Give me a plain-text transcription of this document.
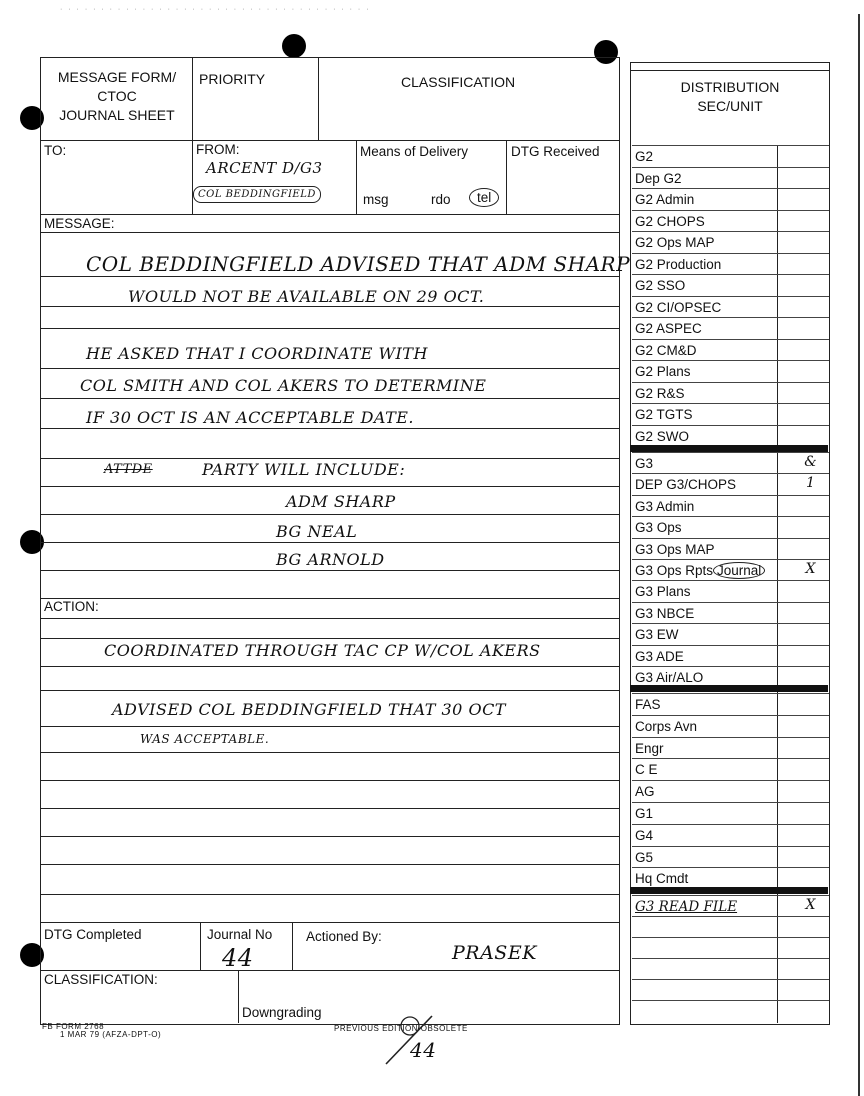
· · · · · · · · · · · · · · · · · · · · · · · · · · · · · · · · · · · · · ·
MESSAGE FORM/
CTOC
JOURNAL SHEET
PRIORITY	CLASSIFICATION
TO:	FROM:
ARCENT D/G3
COL BEDDINGFIELD
Means of Delivery
msg	rdo	tel
DTG Received
MESSAGE:
COL BEDDINGFIELD ADVISED THAT ADM SHARP
WOULD NOT BE AVAILABLE ON 29 OCT.
HE ASKED THAT I COORDINATE WITH
COL SMITH AND COL AKERS TO DETERMINE
IF 30 OCT IS AN ACCEPTABLE DATE.
ATTDE	PARTY WILL INCLUDE:
ADM SHARP
BG NEAL
BG ARNOLD
ACTION:
COORDINATED THROUGH TAC CP W/COL AKERS
ADVISED COL BEDDINGFIELD THAT 30 OCT
WAS ACCEPTABLE.
DTG Completed	Journal No
44
Actioned By:
PRASEK
CLASSIFICATION:
Downgrading
FB FORM 2768
1 MAR 79 (AFZA-DPT-O)
PREVIOUS EDITION OBSOLETE
44
DISTRIBUTION
SEC/UNIT
G2
Dep G2
G2 Admin
G2 CHOPS
G2 Ops MAP
G2 Production
G2 SSO
G2 CI/OPSEC
G2 ASPEC
G2 CM&D
G2 Plans
G2 R&S
G2 TGTS
G2 SWO
G3	&
DEP G3/CHOPS	1
G3 Admin
G3 Ops
G3 Ops MAP
G3 Ops Rpts Journal	X
G3 Plans
G3 NBCE
G3 EW
G3 ADE
G3 Air/ALO
FAS
Corps Avn
Engr
C E
AG
G1
G4
G5
Hq Cmdt
G3 READ FILE	X
